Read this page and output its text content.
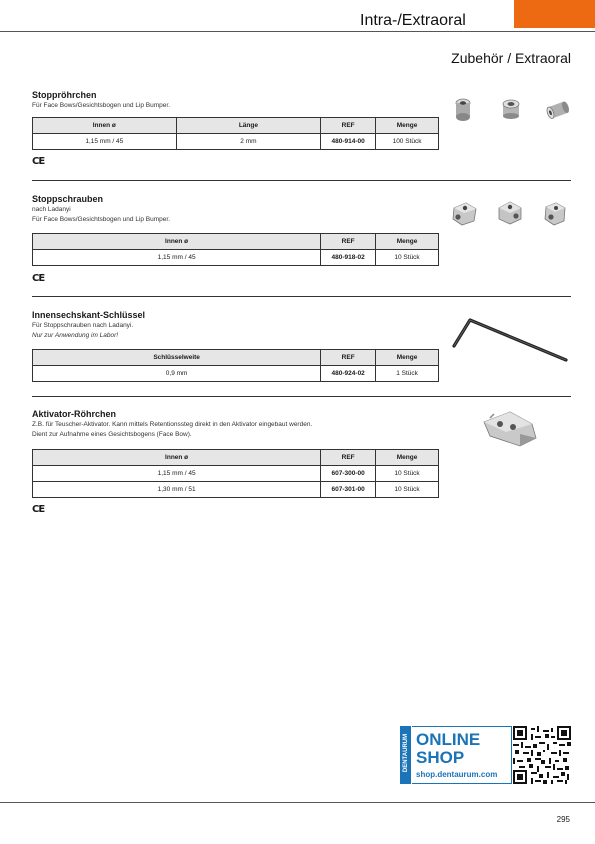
Intra-/Extraoral
Zubehör / Extraoral
Stoppröhrchen
Für Face Bows/Gesichtsbogen und Lip Bumper.
Innen ø	Länge	REF	Menge
1,15 mm / 45	2 mm	480-914-00	100 Stück
CE
Stoppschrauben
nach Ladanyi
Für Face Bows/Gesichtsbogen und Lip Bumper.
Innen ø	REF	Menge
1,15 mm / 45	480-918-02	10 Stück
CE
Innensechskant-Schlüssel
Für Stoppschrauben nach Ladanyi.
Nur zur Anwendung im Labor!
Schlüsselweite	REF	Menge
0,9 mm	480-924-02	1 Stück
Aktivator-Röhrchen
Z.B. für Teuscher-Aktivator. Kann mittels Retentionssteg direkt in den Aktivator eingebaut werden.
Dient zur Aufnahme eines Gesichtsbogens (Face Bow).
Innen ø	REF	Menge
1,15 mm / 45	607-300-00	10 Stück
1,30 mm / 51	607-301-00	10 Stück
CE
DENTAURUM ONLINE
SHOP
shop.dentaurum.com
295
